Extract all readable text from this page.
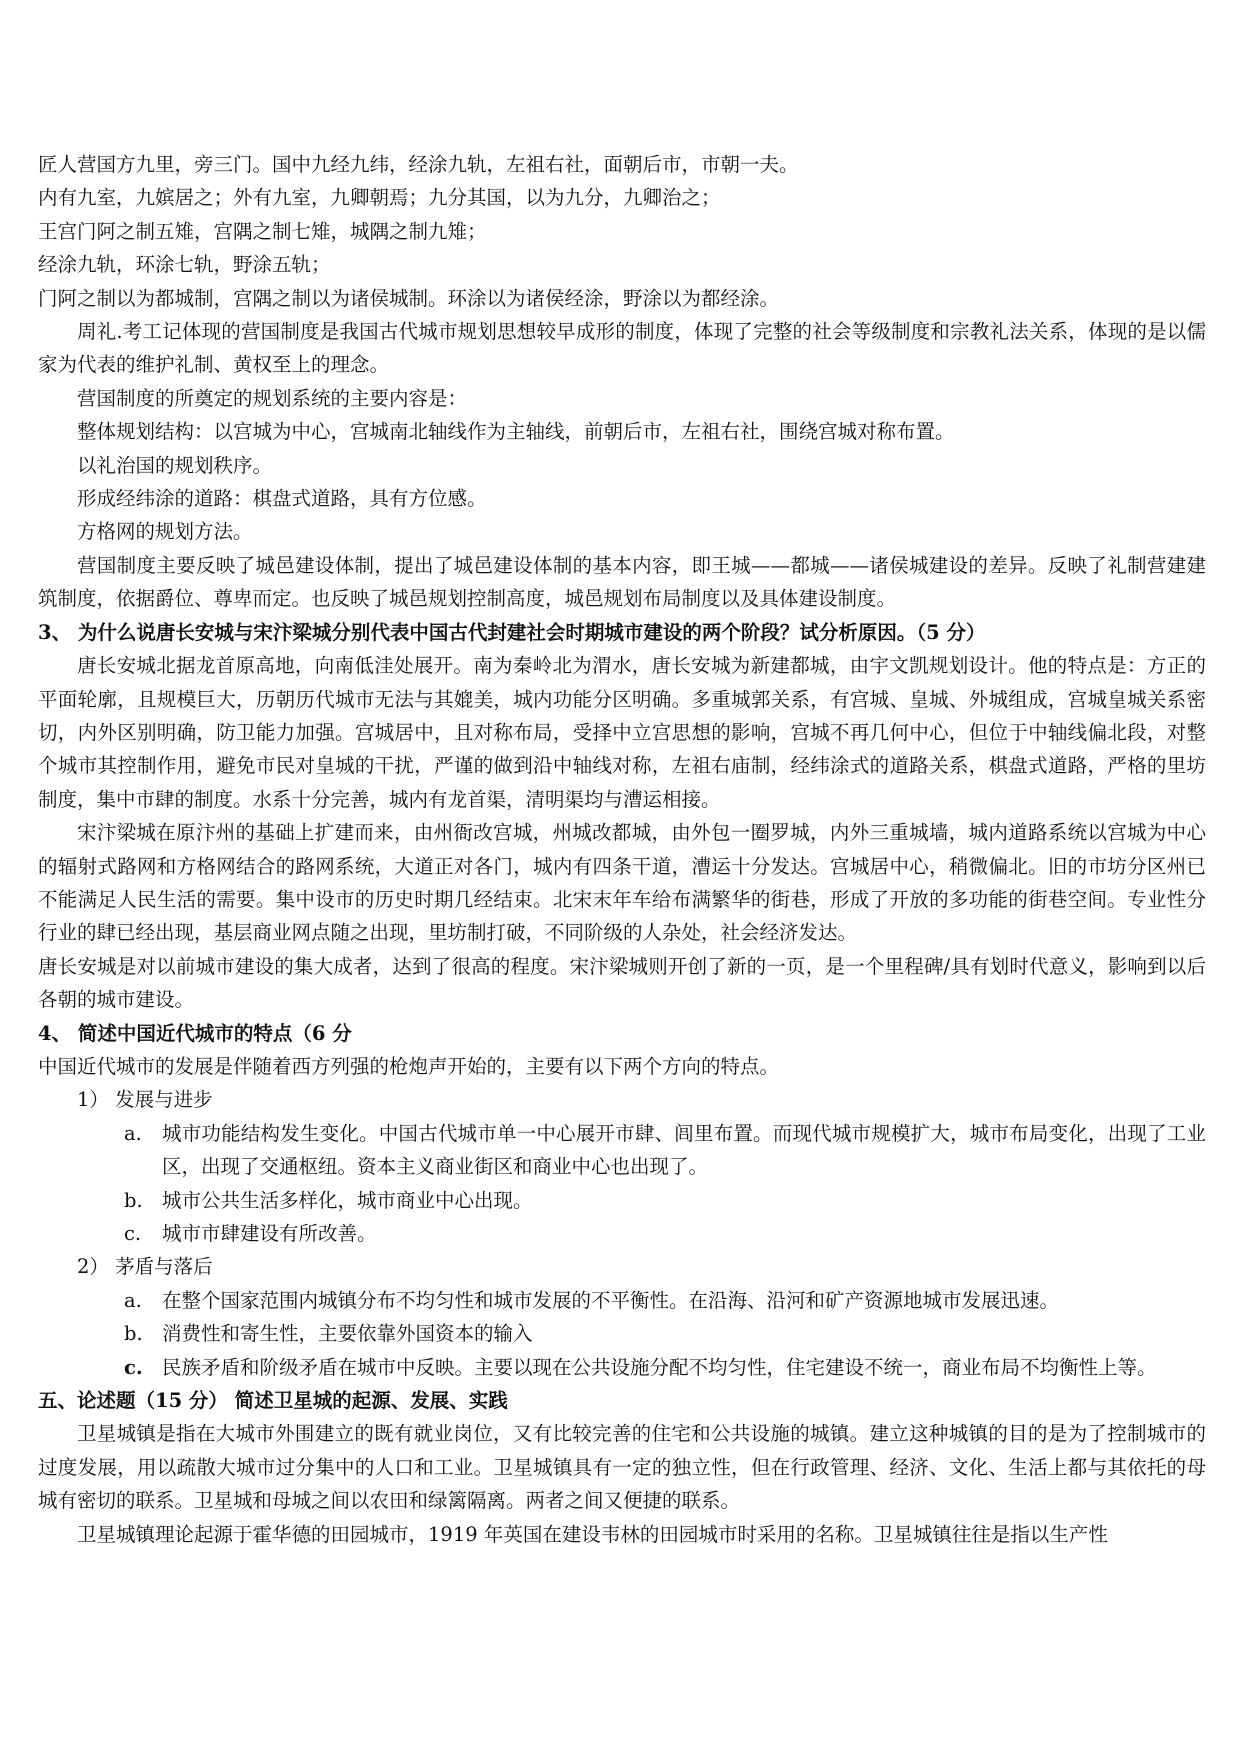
匠人营国方九里，旁三门。国中九经九纬，经涂九轨，左祖右社，面朝后市，市朝一夫。

内有九室，九嫔居之；外有九室，九卿朝焉；九分其国，以为九分，九卿治之；

王宫门阿之制五雉，宫隅之制七雉，城隅之制九雉；

经涂九轨，环涂七轨，野涂五轨；

门阿之制以为都城制，宫隅之制以为诸侯城制。环涂以为诸侯经涂，野涂以为都经涂。

周礼.考工记体现的营国制度是我国古代城市规划思想较早成形的制度，体现了完整的社会等级制度和宗教礼法关系，体现的是以儒家为代表的维护礼制、黄权至上的理念。

营国制度的所奠定的规划系统的主要内容是：

整体规划结构：以宫城为中心，宫城南北轴线作为主轴线，前朝后市，左祖右社，围绕宫城对称布置。

以礼治国的规划秩序。

形成经纬涂的道路：棋盘式道路，具有方位感。

方格网的规划方法。

营国制度主要反映了城邑建设体制，提出了城邑建设体制的基本内容，即王城——都城——诸侯城建设的差异。反映了礼制营建建筑制度，依据爵位、尊卑而定。也反映了城邑规划控制高度，城邑规划布局制度以及具体建设制度。

3、 为什么说唐长安城与宋汴梁城分别代表中国古代封建社会时期城市建设的两个阶段？试分析原因。（5 分）

唐长安城北据龙首原高地，向南低洼处展开。南为秦岭北为渭水，唐长安城为新建都城，由宇文凯规划设计。他的特点是：方正的平面轮廓，且规模巨大，历朝历代城市无法与其媲美，城内功能分区明确。多重城郭关系，有宫城、皇城、外城组成，宫城皇城关系密切，内外区别明确，防卫能力加强。宫城居中，且对称布局，受择中立宫思想的影响，宫城不再几何中心，但位于中轴线偏北段，对整个城市其控制作用，避免市民对皇城的干扰，严谨的做到沿中轴线对称，左祖右庙制，经纬涂式的道路关系，棋盘式道路，严格的里坊制度，集中市肆的制度。水系十分完善，城内有龙首渠，清明渠均与漕运相接。

宋汴梁城在原汴州的基础上扩建而来，由州衙改宫城，州城改都城，由外包一圈罗城，内外三重城墙，城内道路系统以宫城为中心的辐射式路网和方格网结合的路网系统，大道正对各门，城内有四条干道，漕运十分发达。宫城居中心，稍微偏北。旧的市坊分区州已不能满足人民生活的需要。集中设市的历史时期几经结束。北宋末年车给布满繁华的街巷，形成了开放的多功能的街巷空间。专业性分行业的肆已经出现，基层商业网点随之出现，里坊制打破，不同阶级的人杂处，社会经济发达。

唐长安城是对以前城市建设的集大成者，达到了很高的程度。宋汴梁城则开创了新的一页，是一个里程碑/具有划时代意义，影响到以后各朝的城市建设。

4、 简述中国近代城市的特点（6 分

中国近代城市的发展是伴随着西方列强的枪炮声开始的，主要有以下两个方向的特点。

1） 发展与进步

a. 城市功能结构发生变化。中国古代城市单一中心展开市肆、闾里布置。而现代城市规模扩大，城市布局变化，出现了工业区，出现了交通枢纽。资本主义商业街区和商业中心也出现了。
b. 城市公共生活多样化，城市商业中心出现。
c. 城市市肆建设有所改善。

2） 茅盾与落后

a. 在整个国家范围内城镇分布不均匀性和城市发展的不平衡性。在沿海、沿河和矿产资源地城市发展迅速。
b. 消费性和寄生性，主要依靠外国资本的输入
c. 民族矛盾和阶级矛盾在城市中反映。主要以现在公共设施分配不均匀性，住宅建设不统一，商业布局不均衡性上等。

五、论述题（15 分） 简述卫星城的起源、发展、实践

卫星城镇是指在大城市外围建立的既有就业岗位，又有比较完善的住宅和公共设施的城镇。建立这种城镇的目的是为了控制城市的过度发展，用以疏散大城市过分集中的人口和工业。卫星城镇具有一定的独立性，但在行政管理、经济、文化、生活上都与其依托的母城有密切的联系。卫星城和母城之间以农田和绿篱隔离。两者之间又便捷的联系。

卫星城镇理论起源于霍华德的田园城市，1919 年英国在建设韦林的田园城市时采用的名称。卫星城镇往往是指以生产性
